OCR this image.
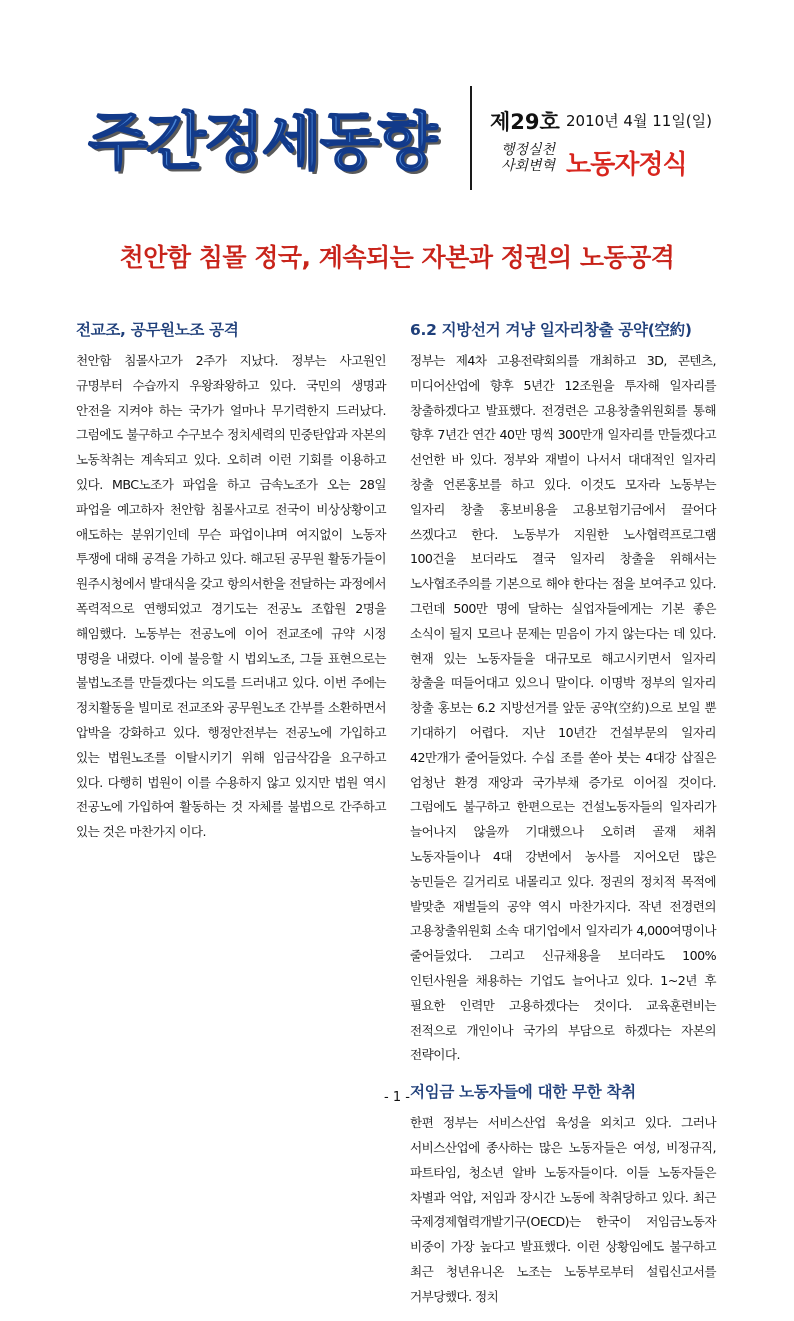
주간정세동향	제29호 2010년 4월 11일(일)
행정실천 사회변혁 노동자정식
천안함 침몰 정국, 계속되는 자본과 정권의 노동공격
전교조, 공무원노조 공격

천안함 침몰사고가 2주가 지났다. 정부는 사고원인 규명부터 수습까지 우왕좌왕하고 있다. 국민의 생명과 안전을 지켜야 하는 국가가 얼마나 무기력한지 드러났다. 그럼에도 불구하고 수구보수 정치세력의 민중탄압과 자본의 노동착취는 계속되고 있다. 오히려 이런 기회를 이용하고 있다. MBC노조가 파업을 하고 금속노조가 오는 28일 파업을 예고하자 천안함 침몰사고로 전국이 비상상황이고 애도하는 분위기인데 무슨 파업이냐며 여지없이 노동자 투쟁에 대해 공격을 가하고 있다. 해고된 공무원 활동가들이 원주시청에서 발대식을 갖고 항의서한을 전달하는 과정에서 폭력적으로 연행되었고 경기도는 전공노 조합원 2명을 해임했다. 노동부는 전공노에 이어 전교조에 규약 시정 명령을 내렸다. 이에 불응할 시 법외노조, 그들 표현으로는 불법노조를 만들겠다는 의도를 드러내고 있다. 이번 주에는 정치활동을 빌미로 전교조와 공무원노조 간부를 소환하면서 압박을 강화하고 있다. 행정안전부는 전공노에 가입하고 있는 법원노조를 이탈시키기 위해 임금삭감을 요구하고 있다. 다행히 법원이 이를 수용하지 않고 있지만 법원 역시 전공노에 가입하여 활동하는 것 자체를 불법으로 간주하고 있는 것은 마찬가지 이다.

6.2 지방선거 겨냥 일자리창출 공약(空約)

정부는 제4차 고용전략회의를 개최하고 3D, 콘텐츠, 미디어산업에 향후 5년간 12조원을 투자해 일자리를 창출하겠다고 발표했다. 전경련은 고용창출위원회를 통해 향후 7년간 연간 40만 명씩 300만개 일자리를 만들겠다고 선언한 바 있다. 정부와 재벌이 나서서 대대적인 일자리 창출 언론홍보를 하고 있다. 이것도 모자라 노동부는 일자리 창출 홍보비용을 고용보험기금에서 끌어다 쓰겠다고 한다. 노동부가 지원한 노사협력프로그램 100건을 보더라도 결국 일자리 창출을 위해서는 노사협조주의를 기본으로 해야 한다는 점을 보여주고 있다. 그런데 500만 명에 달하는 실업자들에게는 기본 좋은 소식이 될지 모르나 문제는 믿음이 가지 않는다는 데 있다. 현재 있는 노동자들을 대규모로 해고시키면서 일자리 창출을 떠들어대고 있으니 말이다. 이명박 정부의 일자리 창출 홍보는 6.2 지방선거를 앞둔 공약(空約)으로 보일 뿐 기대하기 어렵다. 지난 10년간 건설부문의 일자리 42만개가 줄어들었다. 수십 조를 쏟아 붓는 4대강 삽질은 엄청난 환경 재앙과 국가부채 증가로 이어질 것이다. 그럼에도 불구하고 한편으로는 건설노동자들의 일자리가 늘어나지 않을까 기대했으나 오히려 골재 채취 노동자들이나 4대 강변에서 농사를 지어오던 많은 농민들은 길거리로 내몰리고 있다. 정권의 정치적 목적에 발맞춘 재벌들의 공약 역시 마찬가지다. 작년 전경련의 고용창출위원회 소속 대기업에서 일자리가 4,000여명이나 줄어들었다. 그리고 신규채용을 보더라도 100% 인턴사원을 채용하는 기업도 늘어나고 있다. 1~2년 후 필요한 인력만 고용하겠다는 것이다. 교육훈련비는 전적으로 개인이나 국가의 부담으로 하겠다는 자본의 전략이다.

저임금 노동자들에 대한 무한 착취

한편 정부는 서비스산업 육성을 외치고 있다. 그러나 서비스산업에 종사하는 많은 노동자들은 여성, 비정규직, 파트타임, 청소년 알바 노동자들이다. 이들 노동자들은 차별과 억압, 저임과 장시간 노동에 착취당하고 있다. 최근 국제경제협력개발기구(OECD)는 한국이 저임금노동자 비중이 가장 높다고 발표했다. 이런 상황임에도 불구하고 최근 청년유니온 노조는 노동부로부터 설립신고서를 거부당했다. 정치

- 1 -
